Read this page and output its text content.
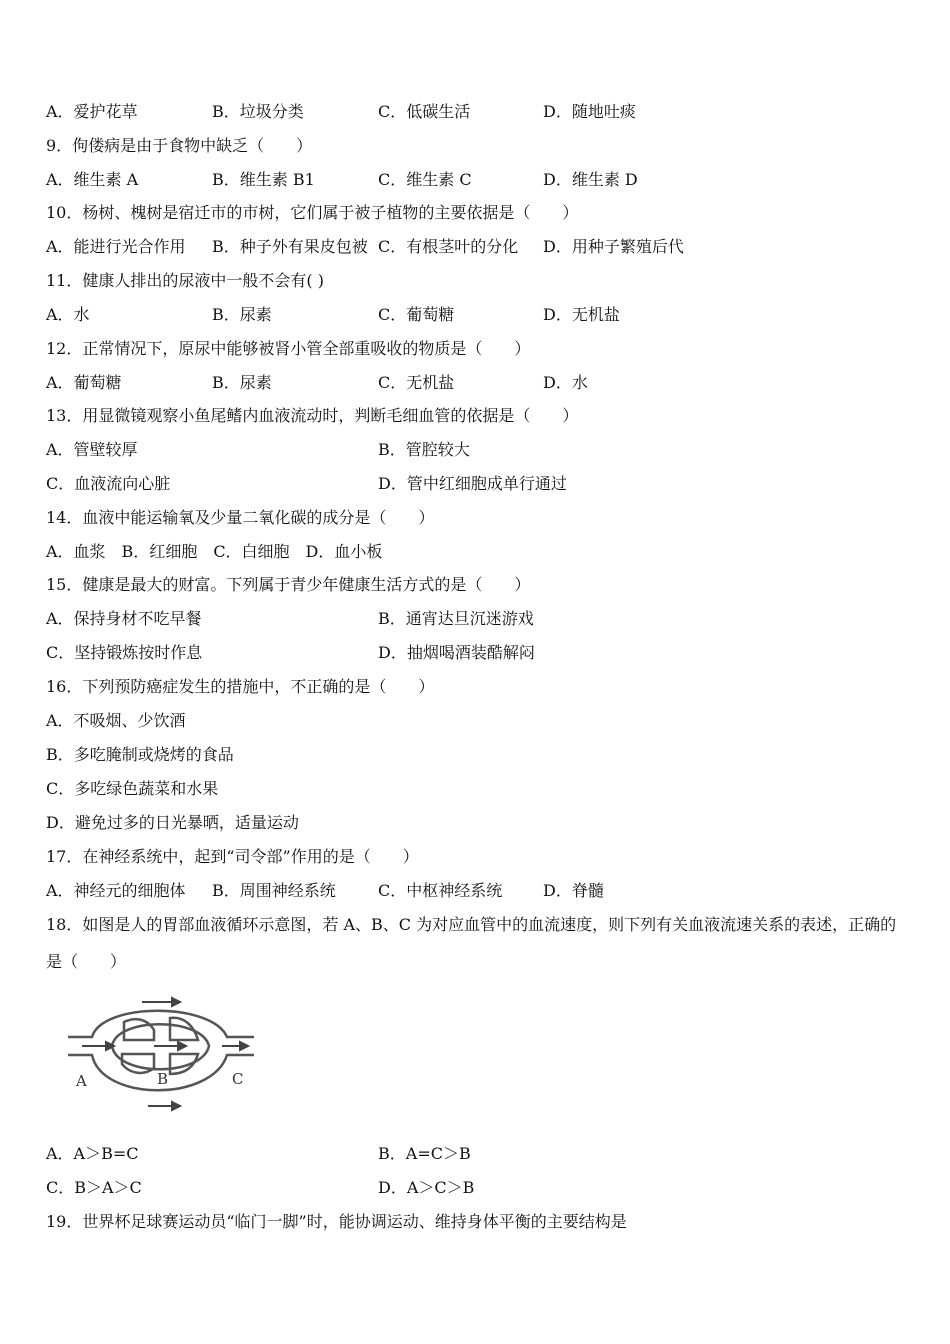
A．爱护花草	B．垃圾分类	C．低碳生活	D．随地吐痰
9．佝偻病是由于食物中缺乏（　　）
A．维生素 A	B．维生素 B1	C．维生素 C	D．维生素 D
10．杨树、槐树是宿迁市的市树，它们属于被子植物的主要依据是（　　）
A．能进行光合作用 B．种子外有果皮包被 C．有根茎叶的分化 D．用种子繁殖后代
11．健康人排出的尿液中一般不会有( )
A．水	B．尿素	C．葡萄糖	D．无机盐
12．正常情况下，原尿中能够被肾小管全部重吸收的物质是（　　）
A．葡萄糖	B．尿素	C．无机盐	D．水
13．用显微镜观察小鱼尾鳍内血液流动时，判断毛细血管的依据是（　　）
A．管壁较厚	B．管腔较大
C．血液流向心脏	D．管中红细胞成单行通过
14．血液中能运输氧及少量二氧化碳的成分是（　　）
A．血浆　B．红细胞　C．白细胞　D．血小板
15．健康是最大的财富。下列属于青少年健康生活方式的是（　　）
A．保持身材不吃早餐	B．通宵达旦沉迷游戏
C．坚持锻炼按时作息	D．抽烟喝酒装酷解闷
16．下列预防癌症发生的措施中，不正确的是（　　）
A．不吸烟、少饮酒
B．多吃腌制或烧烤的食品
C．多吃绿色蔬菜和水果
D．避免过多的日光暴晒，适量运动
17．在神经系统中，起到“司令部”作用的是（　　）
A．神经元的细胞体 B．周围神经系统	C．中枢神经系统	D．脊髓
18．如图是人的胃部血液循环示意图，若 A、B、C 为对应血管中的血流速度，则下列有关血液流速关系的表述，正确的
是（　　）
A	B	C
A．A＞B=C	B．A=C＞B
C．B＞A＞C	D．A＞C＞B
19．世界杯足球赛运动员“临门一脚”时，能协调运动、维持身体平衡的主要结构是
